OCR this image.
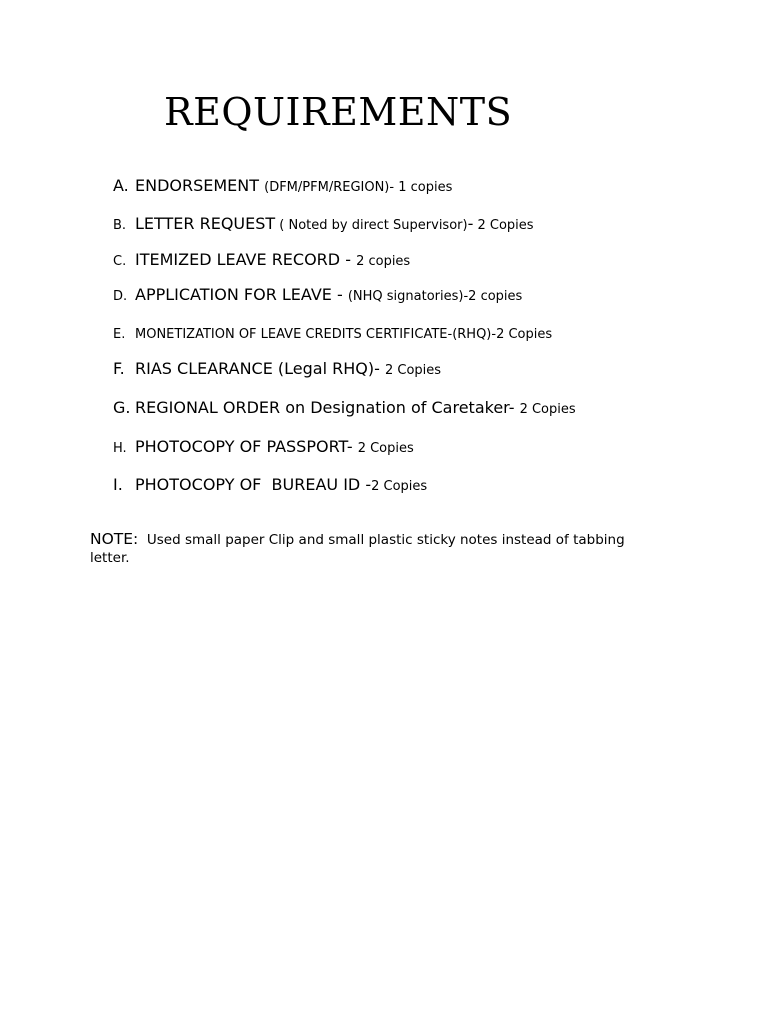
REQUIREMENTS
A. ENDORSEMENT (DFM/PFM/REGION)- 1 copies
B. LETTER REQUEST ( Noted by direct Supervisor)- 2 Copies
C. ITEMIZED LEAVE RECORD - 2 copies
D. APPLICATION FOR LEAVE - (NHQ signatories)-2 copies
E. MONETIZATION OF LEAVE CREDITS CERTIFICATE-(RHQ)-2 Copies
F. RIAS CLEARANCE (Legal RHQ)- 2 Copies
G. REGIONAL ORDER on Designation of Caretaker- 2 Copies
H. PHOTOCOPY OF PASSPORT- 2 Copies
I. PHOTOCOPY OF  BUREAU ID -2 Copies
NOTE:  Used small paper Clip and small plastic sticky notes instead of tabbing letter.
